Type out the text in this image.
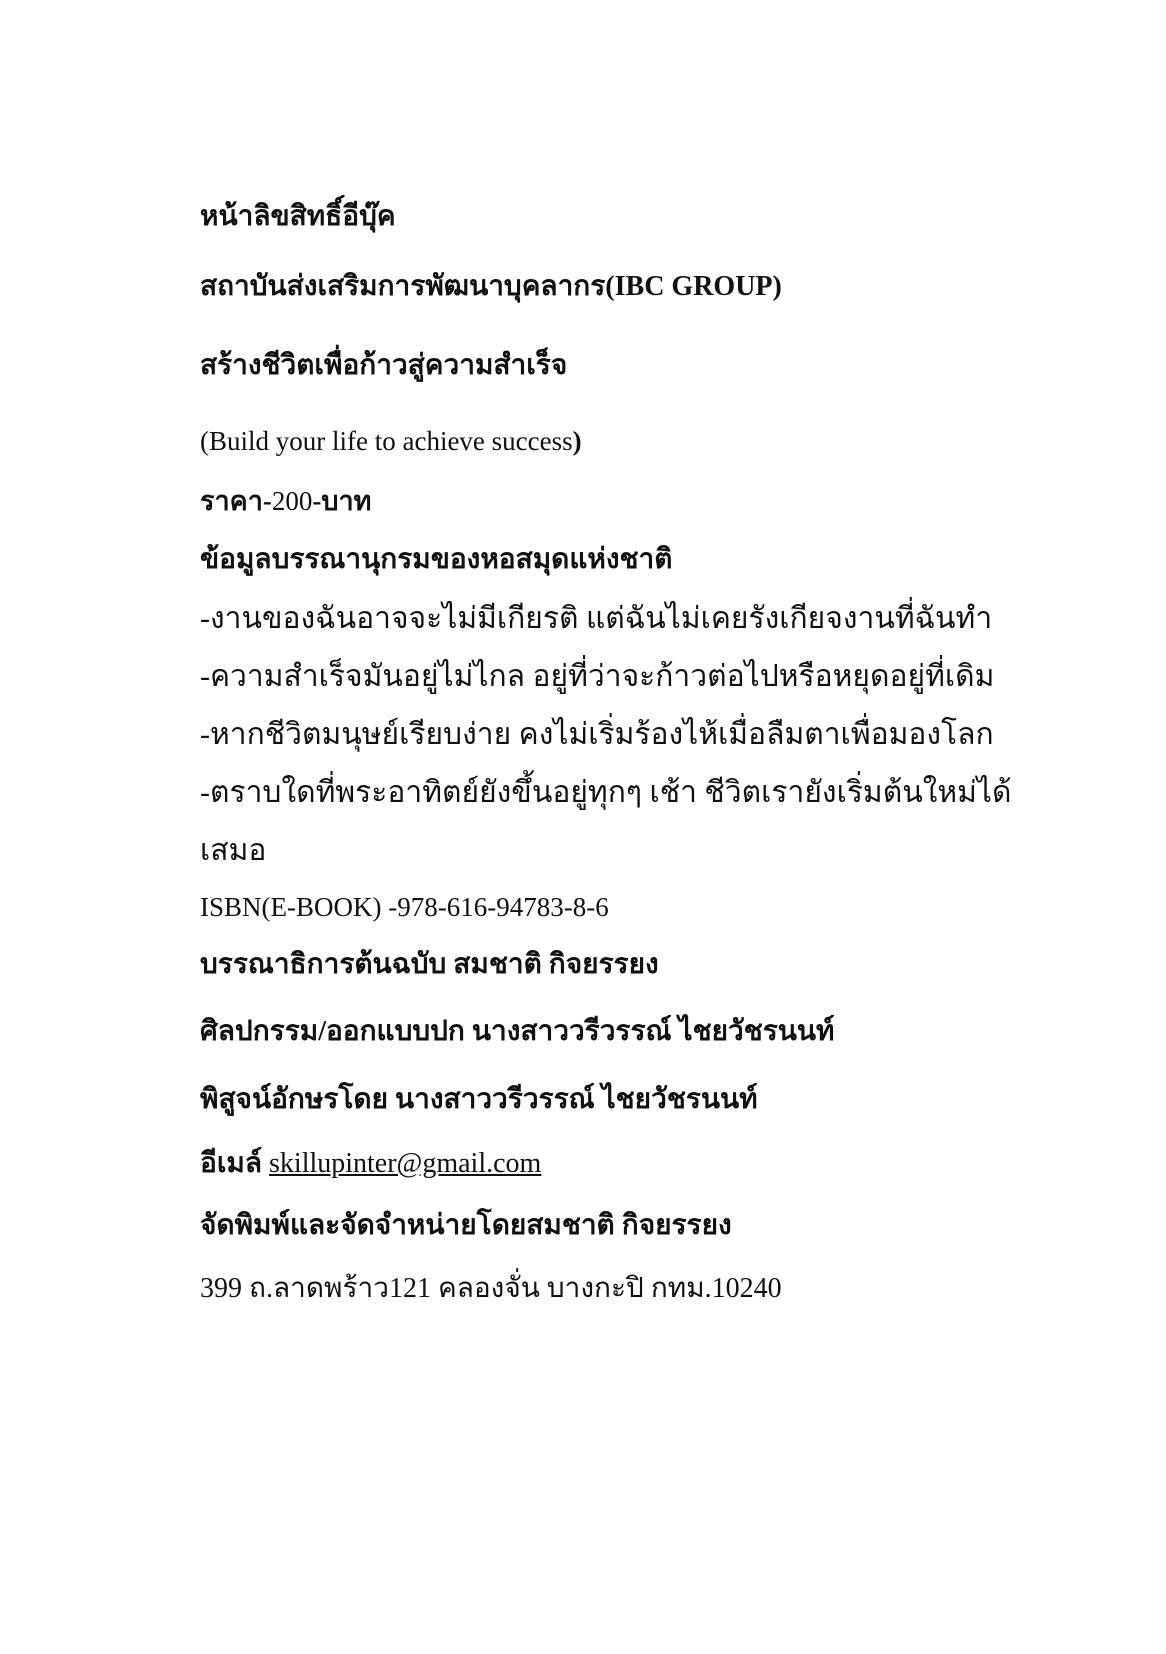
หน้าลิขสิทธิ์อีบุ๊ค
สถาบันส่งเสริมการพัฒนาบุคลากร(IBC GROUP)
สร้างชีวิตเพื่อก้าวสู่ความสำเร็จ
(Build your life to achieve success)
ราคา-200-บาท
ข้อมูลบรรณานุกรมของหอสมุดแห่งชาติ
-งานของฉันอาจจะไม่มีเกียรติ แต่ฉันไม่เคยรังเกียจงานที่ฉันทำ
-ความสำเร็จมันอยู่ไม่ไกล อยู่ที่ว่าจะก้าวต่อไปหรือหยุดอยู่ที่เดิม
-หากชีวิตมนุษย์เรียบง่าย คงไม่เริ่มร้องไห้เมื่อลืมตาเพื่อมองโลก
-ตราบใดที่พระอาทิตย์ยังขึ้นอยู่ทุกๆ เช้า ชีวิตเรายังเริ่มต้นใหม่ได้
เสมอ
ISBN(E-BOOK) -978-616-94783-8-6
บรรณาธิการต้นฉบับ สมชาติ กิจยรรยง
ศิลปกรรม/ออกแบบปก นางสาววรีวรรณ์ ไชยวัชรนนท์
พิสูจน์อักษรโดย นางสาววรีวรรณ์ ไชยวัชรนนท์
อีเมล์ skillupinter@gmail.com
จัดพิมพ์และจัดจำหน่ายโดยสมชาติ กิจยรรยง
399 ถ.ลาดพร้าว121 คลองจั่น บางกะปิ กทม.10240
